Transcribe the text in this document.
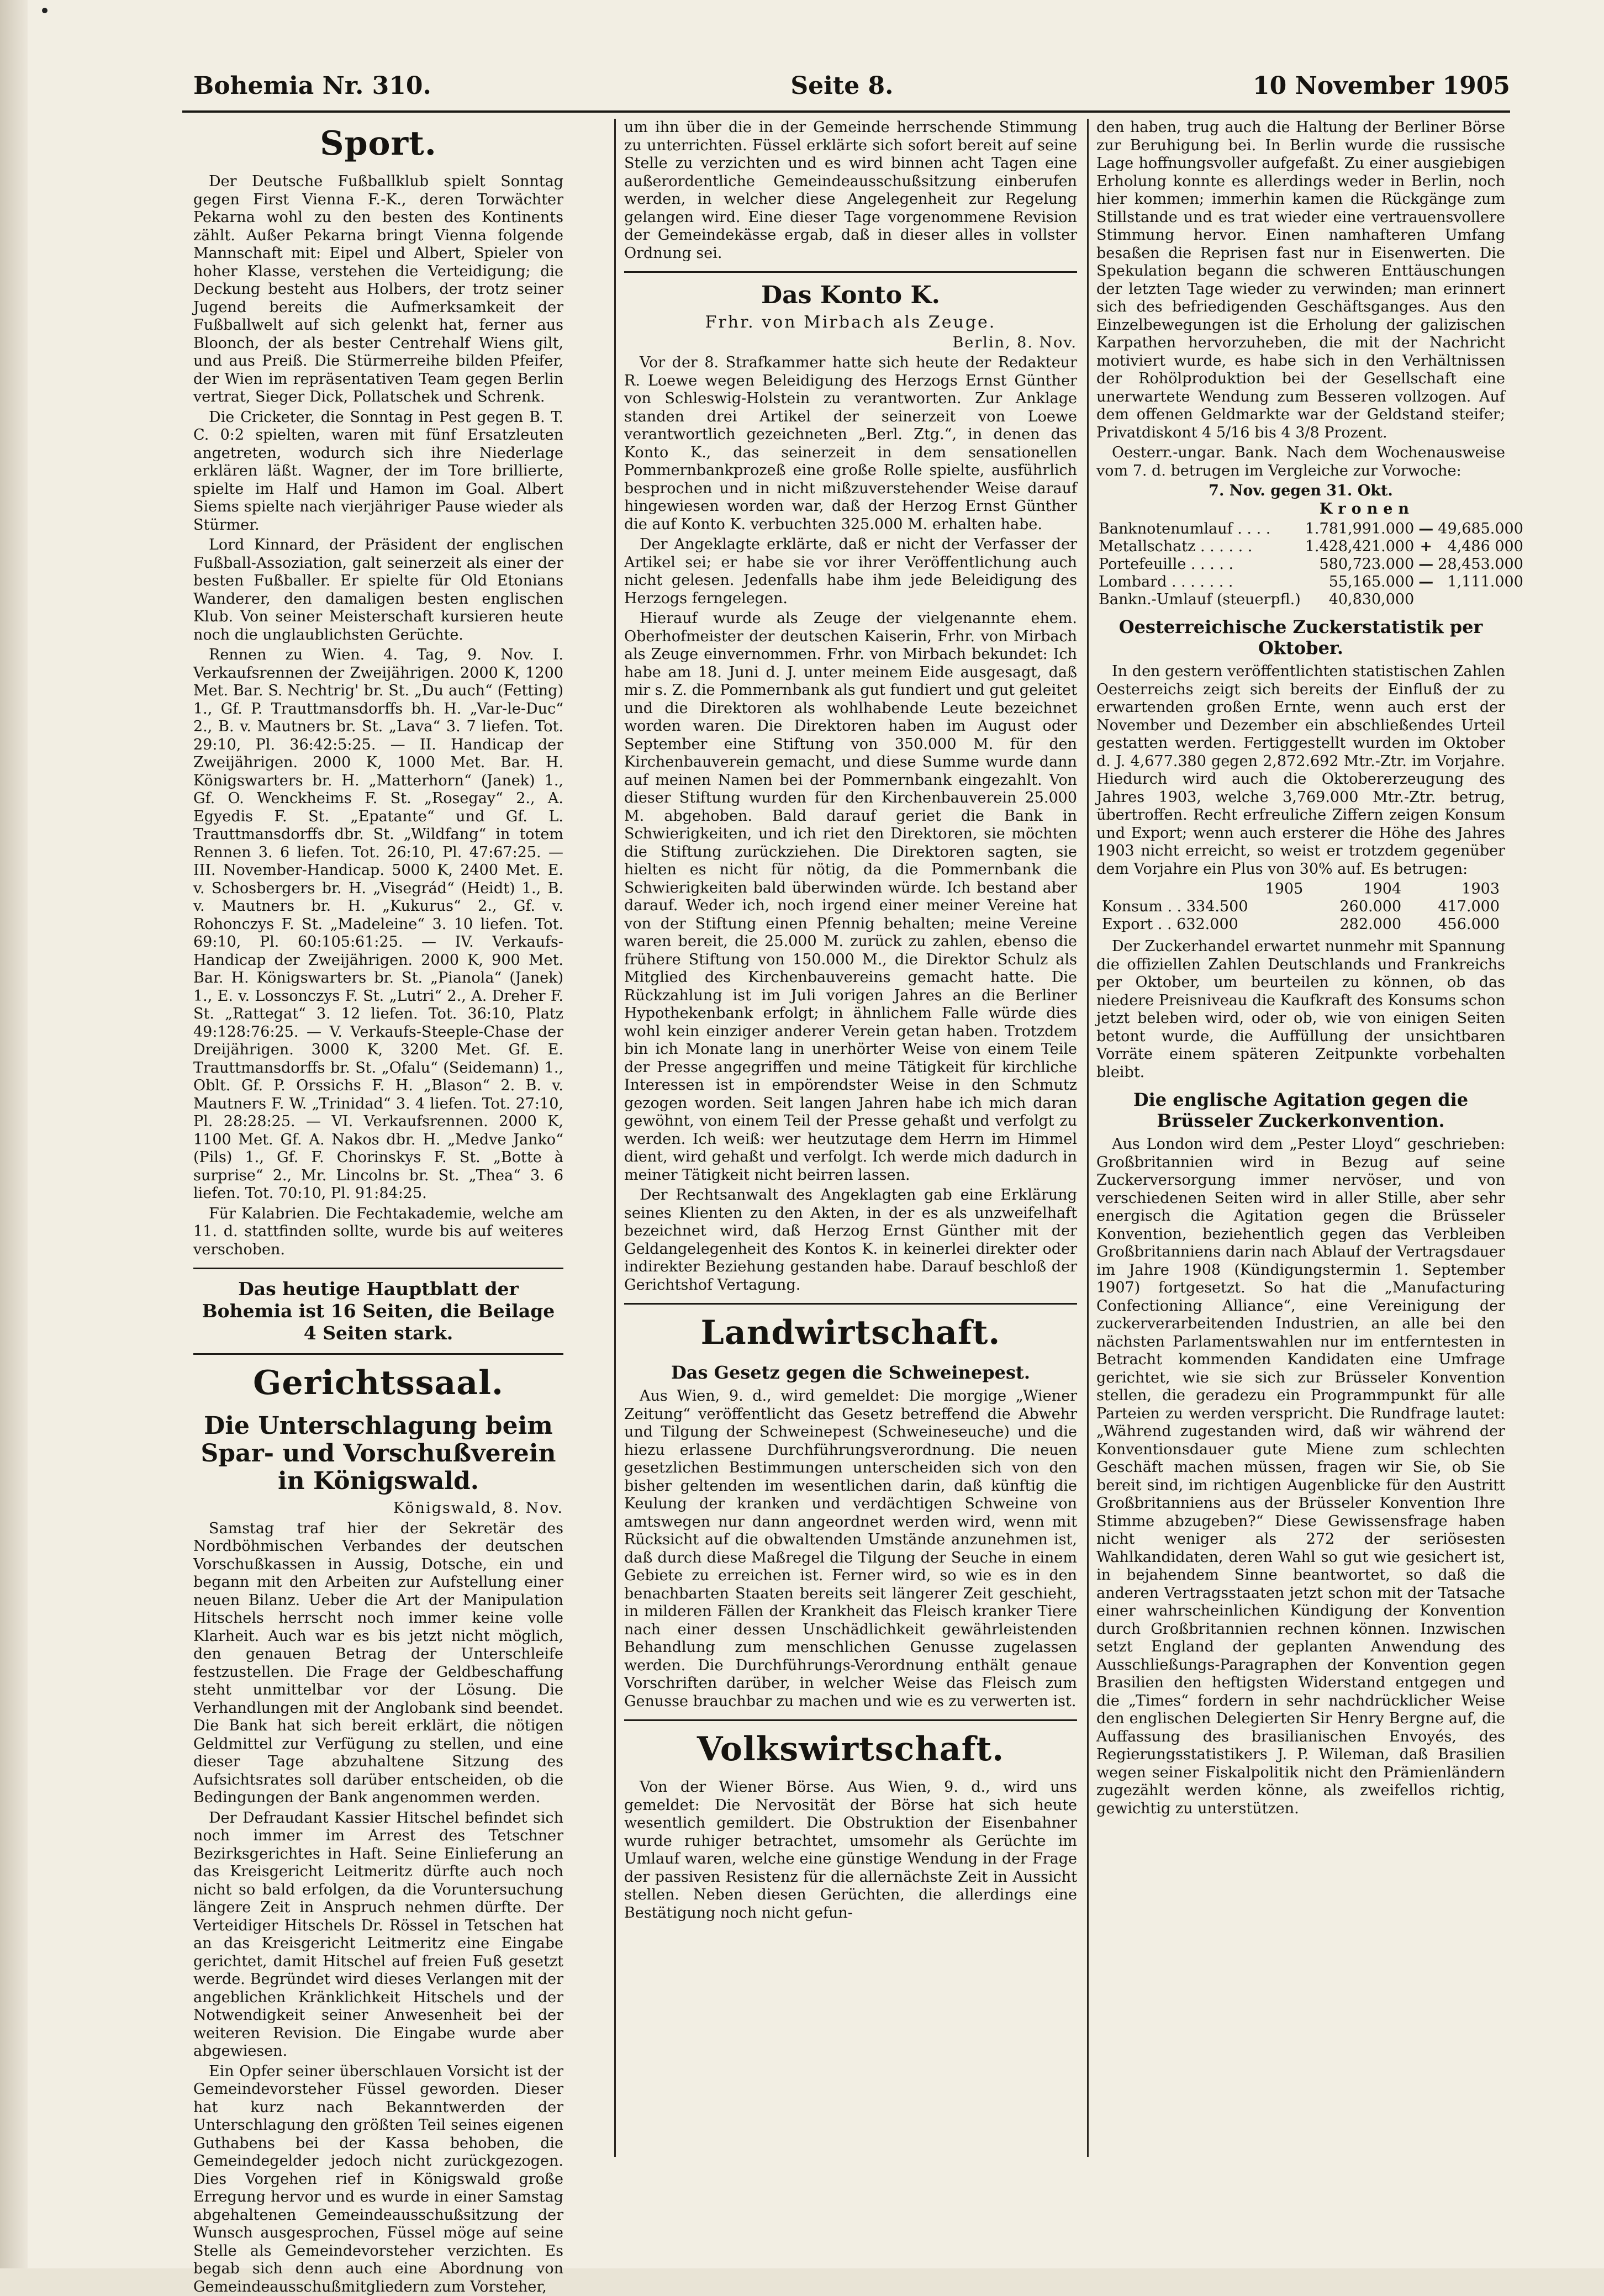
Bohemia Nr. 310.	Seite 8.	10 November 1905
Sport.

Der Deutsche Fußballklub spielt Sonntag gegen First Vienna F.-K., deren Torwächter Pekarna wohl zu den besten des Kontinents zählt. Außer Pekarna bringt Vienna folgende Mannschaft mit: Eipel und Albert, Spieler von hoher Klasse, verstehen die Verteidigung; die Deckung besteht aus Holbers, der trotz seiner Jugend bereits die Aufmerksamkeit der Fußballwelt auf sich gelenkt hat, ferner aus Bloonch, der als bester Centrehalf Wiens gilt, und aus Preiß. Die Stürmerreihe bilden Pfeifer, der Wien im repräsentativen Team gegen Berlin vertrat, Sieger Dick, Pollatschek und Schrenk.

Die Cricketer, die Sonntag in Pest gegen B. T. C. 0:2 spielten, waren mit fünf Ersatzleuten angetreten, wodurch sich ihre Niederlage erklären läßt. Wagner, der im Tore brillierte, spielte im Half und Hamon im Goal. Albert Siems spielte nach vierjähriger Pause wieder als Stürmer.

Lord Kinnard, der Präsident der englischen Fußball-Assoziation, galt seinerzeit als einer der besten Fußballer. Er spielte für Old Etonians Wanderer, den damaligen besten englischen Klub. Von seiner Meisterschaft kursieren heute noch die unglaublichsten Gerüchte.

Rennen zu Wien. 4. Tag, 9. Nov. I. Verkaufsrennen der Zweijährigen. 2000 K, 1200 Met. Bar. S. Nechtrig' br. St. „Du auch“ (Fetting) 1., Gf. P. Trauttmansdorffs bh. H. „Var-le-Duc“ 2., B. v. Mautners br. St. „Lava“ 3. 7 liefen. Tot. 29:10, Pl. 36:42:5:25. — II. Handicap der Zweijährigen. 2000 K, 1000 Met. Bar. H. Königswarters br. H. „Matterhorn“ (Janek) 1., Gf. O. Wenckheims F. St. „Rosegay“ 2., A. Egyedis F. St. „Epatante“ und Gf. L. Trauttmansdorffs dbr. St. „Wildfang“ in totem Rennen 3. 6 liefen. Tot. 26:10, Pl. 47:67:25. — III. November-Handicap. 5000 K, 2400 Met. E. v. Schosbergers br. H. „Visegrád“ (Heidt) 1., B. v. Mautners br. H. „Kukurus“ 2., Gf. v. Rohonczys F. St. „Madeleine“ 3. 10 liefen. Tot. 69:10, Pl. 60:105:61:25. — IV. Verkaufs-Handicap der Zweijährigen. 2000 K, 900 Met. Bar. H. Königswarters br. St. „Pianola“ (Janek) 1., E. v. Lossonczys F. St. „Lutri“ 2., A. Dreher F. St. „Rattegat“ 3. 12 liefen. Tot. 36:10, Platz 49:128:76:25. — V. Verkaufs-Steeple-Chase der Dreijährigen. 3000 K, 3200 Met. Gf. E. Trauttmansdorffs br. St. „Ofalu“ (Seidemann) 1., Oblt. Gf. P. Orssichs F. H. „Blason“ 2. B. v. Mautners F. W. „Trinidad“ 3. 4 liefen. Tot. 27:10, Pl. 28:28:25. — VI. Verkaufsrennen. 2000 K, 1100 Met. Gf. A. Nakos dbr. H. „Medve Janko“ (Pils) 1., Gf. F. Chorinskys F. St. „Botte à surprise“ 2., Mr. Lincolns br. St. „Thea“ 3. 6 liefen. Tot. 70:10, Pl. 91:84:25.

Für Kalabrien. Die Fechtakademie, welche am 11. d. stattfinden sollte, wurde bis auf weiteres verschoben.

Das heutige Hauptblatt der Bohemia ist 16 Seiten, die Beilage 4 Seiten stark.
Gerichtssaal.
Die Unterschlagung beim Spar- und Vorschußverein in Königswald.
Königswald, 8. Nov.

Samstag traf hier der Sekretär des Nordböhmischen Verbandes der deutschen Vorschußkassen in Aussig, Dotsche, ein und begann mit den Arbeiten zur Aufstellung einer neuen Bilanz. Ueber die Art der Manipulation Hitschels herrscht noch immer keine volle Klarheit. Auch war es bis jetzt nicht möglich, den genauen Betrag der Unterschleife festzustellen. Die Frage der Geldbeschaffung steht unmittelbar vor der Lösung. Die Verhandlungen mit der Anglobank sind beendet. Die Bank hat sich bereit erklärt, die nötigen Geldmittel zur Verfügung zu stellen, und eine dieser Tage abzuhaltene Sitzung des Aufsichtsrates soll darüber entscheiden, ob die Bedingungen der Bank angenommen werden.

Der Defraudant Kassier Hitschel befindet sich noch immer im Arrest des Tetschner Bezirksgerichtes in Haft. Seine Einlieferung an das Kreisgericht Leitmeritz dürfte auch noch nicht so bald erfolgen, da die Voruntersuchung längere Zeit in Anspruch nehmen dürfte. Der Verteidiger Hitschels Dr. Rössel in Tetschen hat an das Kreisgericht Leitmeritz eine Eingabe gerichtet, damit Hitschel auf freien Fuß gesetzt werde. Begründet wird dieses Verlangen mit der angeblichen Kränklichkeit Hitschels und der Notwendigkeit seiner Anwesenheit bei der weiteren Revision. Die Eingabe wurde aber abgewiesen.

Ein Opfer seiner überschlauen Vorsicht ist der Gemeindevorsteher Füssel geworden. Dieser hat kurz nach Bekanntwerden der Unterschlagung den größten Teil seines eigenen Guthabens bei der Kassa behoben, die Gemeindegelder jedoch nicht zurückgezogen. Dies Vorgehen rief in Königswald große Erregung hervor und es wurde in einer Samstag abgehaltenen Gemeindeausschußsitzung der Wunsch ausgesprochen, Füssel möge auf seine Stelle als Gemeindevorsteher verzichten. Es begab sich denn auch eine Abordnung von Gemeindeausschußmitgliedern zum Vorsteher,

um ihn über die in der Gemeinde herrschende Stimmung zu unterrichten. Füssel erklärte sich sofort bereit auf seine Stelle zu verzichten und es wird binnen acht Tagen eine außerordentliche Gemeindeausschußsitzung einberufen werden, in welcher diese Angelegenheit zur Regelung gelangen wird. Eine dieser Tage vorgenommene Revision der Gemeindekässe ergab, daß in dieser alles in vollster Ordnung sei.

Das Konto K.
Frhr. von Mirbach als Zeuge.
Berlin, 8. Nov.

Vor der 8. Strafkammer hatte sich heute der Redakteur R. Loewe wegen Beleidigung des Herzogs Ernst Günther von Schleswig-Holstein zu verantworten. Zur Anklage standen drei Artikel der seinerzeit von Loewe verantwortlich gezeichneten „Berl. Ztg.“, in denen das Konto K., das seinerzeit in dem sensationellen Pommernbankprozeß eine große Rolle spielte, ausführlich besprochen und in nicht mißzuverstehender Weise darauf hingewiesen worden war, daß der Herzog Ernst Günther die auf Konto K. verbuchten 325.000 M. erhalten habe.

Der Angeklagte erklärte, daß er nicht der Verfasser der Artikel sei; er habe sie vor ihrer Veröffentlichung auch nicht gelesen. Jedenfalls habe ihm jede Beleidigung des Herzogs ferngelegen.

Hierauf wurde als Zeuge der vielgenannte ehem. Oberhofmeister der deutschen Kaiserin, Frhr. von Mirbach als Zeuge einvernommen. Frhr. von Mirbach bekundet: Ich habe am 18. Juni d. J. unter meinem Eide ausgesagt, daß mir s. Z. die Pommernbank als gut fundiert und gut geleitet und die Direktoren als wohlhabende Leute bezeichnet worden waren. Die Direktoren haben im August oder September eine Stiftung von 350.000 M. für den Kirchenbauverein gemacht, und diese Summe wurde dann auf meinen Namen bei der Pommernbank eingezahlt. Von dieser Stiftung wurden für den Kirchenbauverein 25.000 M. abgehoben. Bald darauf geriet die Bank in Schwierigkeiten, und ich riet den Direktoren, sie möchten die Stiftung zurückziehen. Die Direktoren sagten, sie hielten es nicht für nötig, da die Pommernbank die Schwierigkeiten bald überwinden würde. Ich bestand aber darauf. Weder ich, noch irgend einer meiner Vereine hat von der Stiftung einen Pfennig behalten; meine Vereine waren bereit, die 25.000 M. zurück zu zahlen, ebenso die frühere Stiftung von 150.000 M., die Direktor Schulz als Mitglied des Kirchenbauvereins gemacht hatte. Die Rückzahlung ist im Juli vorigen Jahres an die Berliner Hypothekenbank erfolgt; in ähnlichem Falle würde dies wohl kein einziger anderer Verein getan haben. Trotzdem bin ich Monate lang in unerhörter Weise von einem Teile der Presse angegriffen und meine Tätigkeit für kirchliche Interessen ist in empörendster Weise in den Schmutz gezogen worden. Seit langen Jahren habe ich mich daran gewöhnt, von einem Teil der Presse gehaßt und verfolgt zu werden. Ich weiß: wer heutzutage dem Herrn im Himmel dient, wird gehaßt und verfolgt. Ich werde mich dadurch in meiner Tätigkeit nicht beirren lassen.

Der Rechtsanwalt des Angeklagten gab eine Erklärung seines Klienten zu den Akten, in der es als unzweifelhaft bezeichnet wird, daß Herzog Ernst Günther mit der Geldangelegenheit des Kontos K. in keinerlei direkter oder indirekter Beziehung gestanden habe. Darauf beschloß der Gerichtshof Vertagung.

Landwirtschaft.
Das Gesetz gegen die Schweinepest.

Aus Wien, 9. d., wird gemeldet: Die morgige „Wiener Zeitung“ veröffentlicht das Gesetz betreffend die Abwehr und Tilgung der Schweinepest (Schweineseuche) und die hiezu erlassene Durchführungsverordnung. Die neuen gesetzlichen Bestimmungen unterscheiden sich von den bisher geltenden im wesentlichen darin, daß künftig die Keulung der kranken und verdächtigen Schweine von amtswegen nur dann angeordnet werden wird, wenn mit Rücksicht auf die obwaltenden Umstände anzunehmen ist, daß durch diese Maßregel die Tilgung der Seuche in einem Gebiete zu erreichen ist. Ferner wird, so wie es in den benachbarten Staaten bereits seit längerer Zeit geschieht, in milderen Fällen der Krankheit das Fleisch kranker Tiere nach einer dessen Unschädlichkeit gewährleistenden Behandlung zum menschlichen Genusse zugelassen werden. Die Durchführungs-Verordnung enthält genaue Vorschriften darüber, in welcher Weise das Fleisch zum Genusse brauchbar zu machen und wie es zu verwerten ist.

Volkswirtschaft.

Von der Wiener Börse. Aus Wien, 9. d., wird uns gemeldet: Die Nervosität der Börse hat sich heute wesentlich gemildert. Die Obstruktion der Eisenbahner wurde ruhiger betrachtet, umsomehr als Gerüchte im Umlauf waren, welche eine günstige Wendung in der Frage der passiven Resistenz für die allernächste Zeit in Aussicht stellen. Neben diesen Gerüchten, die allerdings eine Bestätigung noch nicht gefun-

den haben, trug auch die Haltung der Berliner Börse zur Beruhigung bei. In Berlin wurde die russische Lage hoffnungsvoller aufgefaßt. Zu einer ausgiebigen Erholung konnte es allerdings weder in Berlin, noch hier kommen; immerhin kamen die Rückgänge zum Stillstande und es trat wieder eine vertrauensvollere Stimmung hervor. Einen namhafteren Umfang besaßen die Reprisen fast nur in Eisenwerten. Die Spekulation begann die schweren Enttäuschungen der letzten Tage wieder zu verwinden; man erinnert sich des befriedigenden Geschäftsganges. Aus den Einzelbewegungen ist die Erholung der galizischen Karpathen hervorzuheben, die mit der Nachricht motiviert wurde, es habe sich in den Verhältnissen der Rohölproduktion bei der Gesellschaft eine unerwartete Wendung zum Besseren vollzogen. Auf dem offenen Geldmarkte war der Geldstand steifer; Privatdiskont 4 5/16 bis 4 3/8 Prozent.

Oesterr.-ungar. Bank. Nach dem Wochenausweise vom 7. d. betrugen im Vergleiche zur Vorwoche:

7. Nov. gegen 31. Okt.
Kronen
Banknotenumlauf . . . .	1.781,991.000	—	49,685.000
Metallschatz . . . . . .	1.428,421.000	+	4,486 000
Portefeuille . . . . .	580,723.000	—	28,453.000
Lombard . . . . . . .	55,165.000	—	1,111.000
Bankn.-Umlauf (steuerpfl.)	40,830,000		
Oesterreichische Zuckerstatistik per Oktober.

In den gestern veröffentlichten statistischen Zahlen Oesterreichs zeigt sich bereits der Einfluß der zu erwartenden großen Ernte, wenn auch erst der November und Dezember ein abschließendes Urteil gestatten werden. Fertiggestellt wurden im Oktober d. J. 4,677.380 gegen 2,872.692 Mtr.-Ztr. im Vorjahre. Hiedurch wird auch die Oktobererzeugung des Jahres 1903, welche 3,769.000 Mtr.-Ztr. betrug, übertroffen. Recht erfreuliche Ziffern zeigen Konsum und Export; wenn auch ersterer die Höhe des Jahres 1903 nicht erreicht, so weist er trotzdem gegenüber dem Vorjahre ein Plus von 30% auf. Es betrugen:

	1905	1904	1903
Konsum . . 334.500		260.000	417.000
Export . . 632.000		282.000	456.000

Der Zuckerhandel erwartet nunmehr mit Spannung die offiziellen Zahlen Deutschlands und Frankreichs per Oktober, um beurteilen zu können, ob das niedere Preisniveau die Kaufkraft des Konsums schon jetzt beleben wird, oder ob, wie von einigen Seiten betont wurde, die Auffüllung der unsichtbaren Vorräte einem späteren Zeitpunkte vorbehalten bleibt.

Die englische Agitation gegen die Brüsseler Zuckerkonvention.

Aus London wird dem „Pester Lloyd“ geschrieben: Großbritannien wird in Bezug auf seine Zuckerversorgung immer nervöser, und von verschiedenen Seiten wird in aller Stille, aber sehr energisch die Agitation gegen die Brüsseler Konvention, beziehentlich gegen das Verbleiben Großbritanniens darin nach Ablauf der Vertragsdauer im Jahre 1908 (Kündigungstermin 1. September 1907) fortgesetzt. So hat die „Manufacturing Confectioning Alliance“, eine Vereinigung der zuckerverarbeitenden Industrien, an alle bei den nächsten Parlamentswahlen nur im entferntesten in Betracht kommenden Kandidaten eine Umfrage gerichtet, wie sie sich zur Brüsseler Konvention stellen, die geradezu ein Programmpunkt für alle Parteien zu werden verspricht. Die Rundfrage lautet: „Während zugestanden wird, daß wir während der Konventionsdauer gute Miene zum schlechten Geschäft machen müssen, fragen wir Sie, ob Sie bereit sind, im richtigen Augenblicke für den Austritt Großbritanniens aus der Brüsseler Konvention Ihre Stimme abzugeben?“ Diese Gewissensfrage haben nicht weniger als 272 der seriösesten Wahlkandidaten, deren Wahl so gut wie gesichert ist, in bejahendem Sinne beantwortet, so daß die anderen Vertragsstaaten jetzt schon mit der Tatsache einer wahrscheinlichen Kündigung der Konvention durch Großbritannien rechnen können. Inzwischen setzt England der geplanten Anwendung des Ausschließungs-Paragraphen der Konvention gegen Brasilien den heftigsten Widerstand entgegen und die „Times“ fordern in sehr nachdrücklicher Weise den englischen Delegierten Sir Henry Bergne auf, die Auffassung des brasilianischen Envoyés, des Regierungsstatistikers J. P. Wileman, daß Brasilien wegen seiner Fiskalpolitik nicht den Prämienländern zugezählt werden könne, als zweifellos richtig, gewichtig zu unterstützen.
